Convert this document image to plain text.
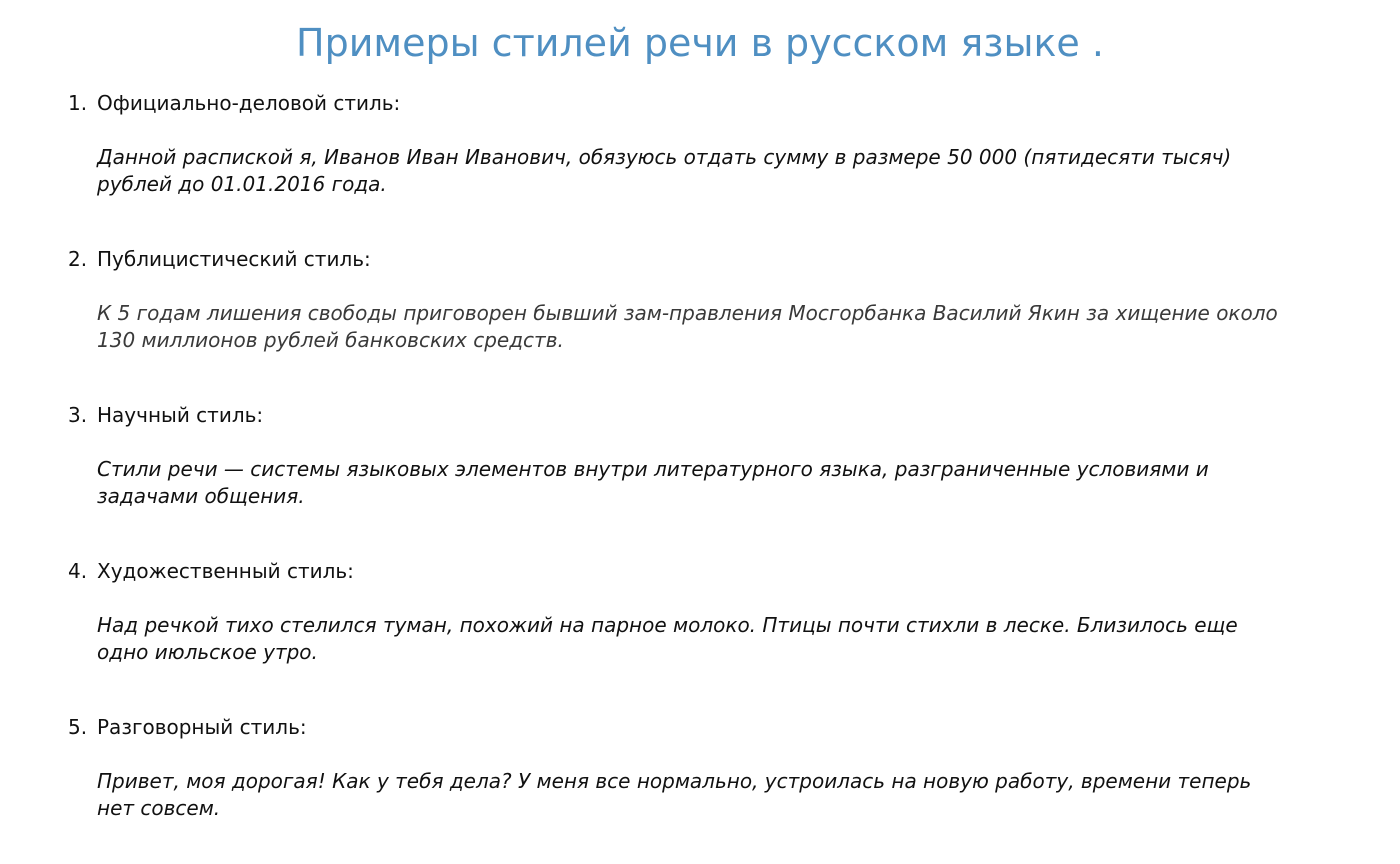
Примеры стилей речи в русском языке .

1. Официально-деловой стиль:

Данной распиской я, Иванов Иван Иванович, обязуюсь отдать сумму в размере 50 000 (пятидесяти тысяч)
рублей до 01.01.2016 года.

2. Публицистический стиль:

К 5 годам лишения свободы приговорен бывший зам-правления Мосгорбанка Василий Якин за хищение около
130 миллионов рублей банковских средств.

3. Научный стиль:

Стили речи — системы языковых элементов внутри литературного языка, разграниченные условиями и
задачами общения.

4. Художественный стиль:

Над речкой тихо стелился туман, похожий на парное молоко. Птицы почти стихли в леске. Близилось еще
одно июльское утро.

5. Разговорный стиль:

Привет, моя дорогая! Как у тебя дела? У меня все нормально, устроилась на новую работу, времени теперь
нет совсем.
